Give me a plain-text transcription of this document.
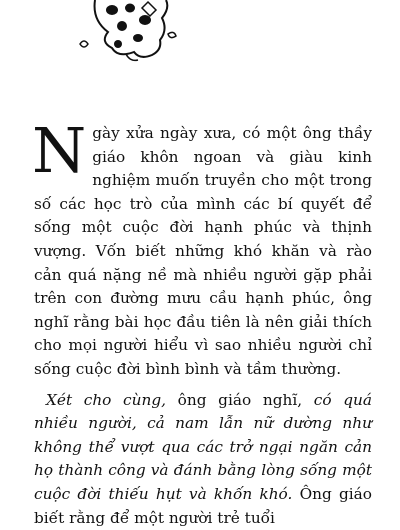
Ngày xửa ngày xưa, có một ông thầy giáo khôn ngoan và giàu kinh nghiệm muốn truyền cho một trong số các học trò của mình các bí quyết để sống một cuộc đời hạnh phúc và thịnh vượng. Vốn biết những khó khăn và rào cản quá nặng nề mà nhiều người gặp phải trên con đường mưu cầu hạnh phúc, ông nghĩ rằng bài học đầu tiên là nên giải thích cho mọi người hiểu vì sao nhiều người chỉ sống cuộc đời bình bình và tầm thường.

Xét cho cùng, ông giáo nghĩ, có quá nhiều người, cả nam lẫn nữ dường như không thể vượt qua các trở ngại ngăn cản họ thành công và đánh bằng lòng sống một cuộc đời thiếu hụt và khốn khó. Ông giáo biết rằng để một người trẻ tuổi
